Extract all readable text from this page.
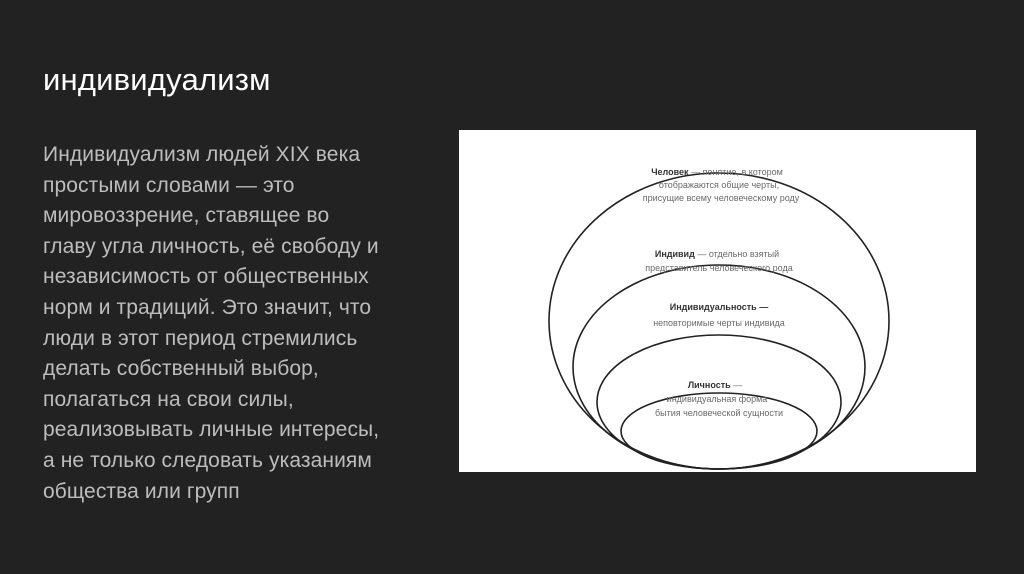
индивидуализм
Индивидуализм людей XIX века
простыми словами — это
мировоззрение, ставящее во
главу угла личность, её свободу и
независимость от общественных
норм и традиций. Это значит, что
люди в этот период стремились
делать собственный выбор,
полагаться на свои силы,
реализовывать личные интересы,
а не только следовать указаниям
общества или групп
Человек — понятие, в котором
отображаются общие черты,
присущие всему человеческому роду
Индивид — отдельно взятый
представитель человеческого рода
Индивидуальность —
неповторимые черты индивида
Личность —
индивидуальная форма
бытия человеческой сущности
